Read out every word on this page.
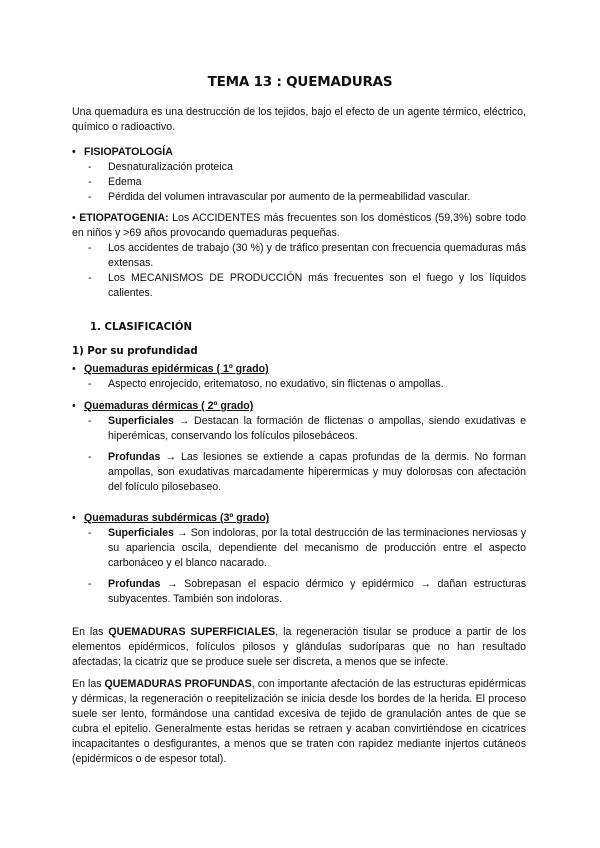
TEMA 13 : QUEMADURAS
Una quemadura es una destrucción de los tejidos, bajo el efecto de un agente térmico, eléctrico, químico o radioactivo.
• FISIOPATOLOGÍA
- Desnaturalización proteica
- Edema
- Pérdida del volumen intravascular por aumento de la permeabilidad vascular.
• ETIOPATOGENIA: Los ACCIDENTES más frecuentes son los domésticos (59,3%) sobre todo en niños y >69 años provocando quemaduras pequeñas.
- Los accidentes de trabajo (30 %) y de tráfico presentan con frecuencia quemaduras más extensas.
- Los MECANISMOS DE PRODUCCIÓN más frecuentes son el fuego y los líquidos calientes.
1. CLASIFICACIÓN
1) Por su profundidad
• Quemaduras epidérmicas ( 1º grado)
- Aspecto enrojecido, eritematoso, no exudativo, sin flictenas o ampollas.
• Quemaduras dérmicas ( 2º grado)
- Superficiales → Destacan la formación de flictenas o ampollas, siendo exudativas e hiperémicas, conservando los folículos pilosebáceos.
- Profundas → Las lesiones se extiende a capas profundas de la dermis. No forman ampollas, son exudativas marcadamente hiperermicas y muy dolorosas con afectación del folículo pilosebaseo.
• Quemaduras subdérmicas (3º grado)
- Superficiales → Son indoloras, por la total destrucción de las terminaciones nerviosas y su apariencia oscila, dependiente del mecanismo de producción entre el aspecto carbonáceo y el blanco nacarado.
- Profundas → Sobrepasan el espacio dérmico y epidérmico → dañan estructuras subyacentes. También son indoloras.
En las QUEMADURAS SUPERFICIALES, la regeneración tisular se produce a partir de los elementos epidérmicos, folículos pilosos y glándulas sudoríparas que no han resultado afectadas; la cicatriz que se produce suele ser discreta, a menos que se infecte.
En las QUEMADURAS PROFUNDAS, con importante afectación de las estructuras epidérmicas y dérmicas, la regeneración o reepitelización se inicia desde los bordes de la herida. El proceso suele ser lento, formándose una cantidad excesiva de tejido de granulación antes de que se cubra el epitelio. Generalmente estas heridas se retraen y acaban convirtiéndose en cicatrices incapacitantes o desfigurantes, a menos que se traten con rapidez mediante injertos cutáneos (epidérmicos o de espesor total).
